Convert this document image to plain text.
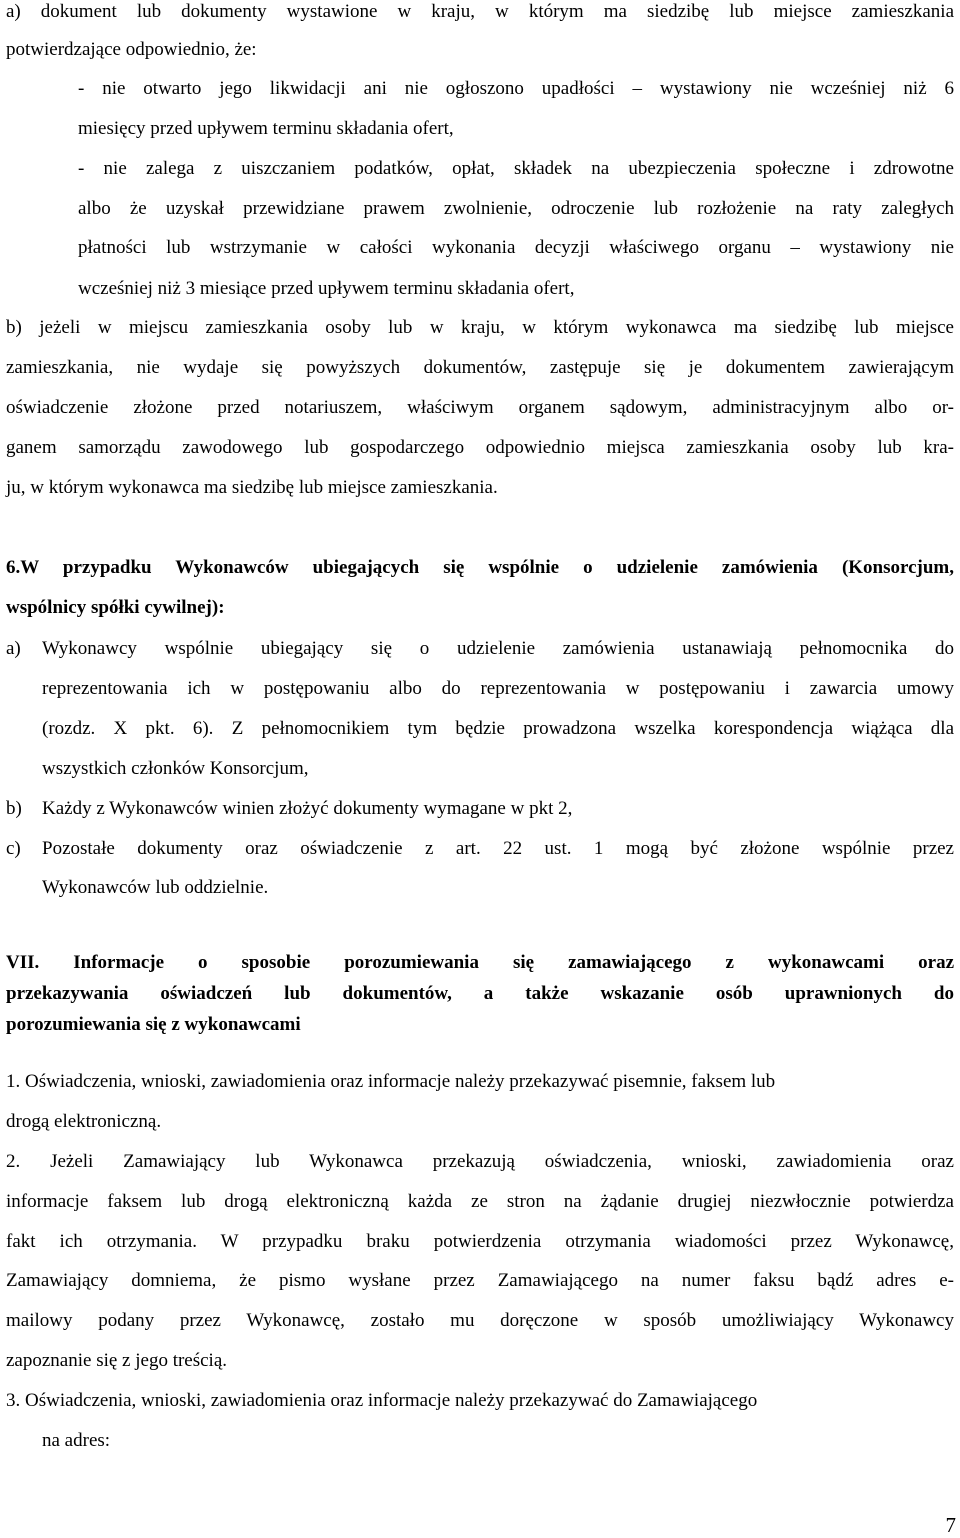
a) dokument lub dokumenty wystawione w kraju, w którym ma siedzibę lub miejsce zamieszkania
potwierdzające odpowiednio, że:
- nie otwarto jego likwidacji ani nie ogłoszono upadłości – wystawiony nie wcześniej niż 6
miesięcy przed upływem terminu składania ofert,
- nie zalega z uiszczaniem podatków, opłat, składek na ubezpieczenia społeczne i zdrowotne
albo że uzyskał przewidziane prawem zwolnienie, odroczenie lub rozłożenie na raty zaległych
płatności lub wstrzymanie w całości wykonania decyzji właściwego organu – wystawiony nie
wcześniej niż 3 miesiące przed upływem terminu składania ofert,
b) jeżeli w miejscu zamieszkania osoby lub w kraju, w którym wykonawca ma siedzibę lub miejsce
zamieszkania, nie wydaje się powyższych dokumentów, zastępuje się je dokumentem zawierającym
oświadczenie złożone przed notariuszem, właściwym organem sądowym, administracyjnym albo or-
ganem samorządu zawodowego lub gospodarczego odpowiednio miejsca zamieszkania osoby lub kra-
ju, w którym wykonawca ma siedzibę lub miejsce zamieszkania.
6.W przypadku Wykonawców ubiegających się wspólnie o udzielenie zamówienia (Konsorcjum,
wspólnicy spółki cywilnej):
a) Wykonawcy wspólnie ubiegający się o udzielenie zamówienia ustanawiają pełnomocnika do
reprezentowania ich w postępowaniu albo do reprezentowania w postępowaniu i zawarcia umowy
(rozdz. X pkt. 6). Z pełnomocnikiem tym będzie prowadzona wszelka korespondencja wiążąca dla
wszystkich członków Konsorcjum,
b) Każdy z Wykonawców winien złożyć dokumenty wymagane w pkt 2,
c) Pozostałe dokumenty oraz oświadczenie z art. 22 ust. 1 mogą być złożone wspólnie przez
Wykonawców lub oddzielnie.
VII. Informacje o sposobie porozumiewania się zamawiającego z wykonawcami oraz
przekazywania oświadczeń lub dokumentów, a także wskazanie osób uprawnionych do
porozumiewania się z wykonawcami
1. Oświadczenia, wnioski, zawiadomienia oraz informacje należy przekazywać pisemnie, faksem lub
drogą elektroniczną.
2. Jeżeli Zamawiający lub Wykonawca przekazują oświadczenia, wnioski, zawiadomienia oraz
informacje faksem lub drogą elektroniczną każda ze stron na żądanie drugiej niezwłocznie potwierdza
fakt ich otrzymania. W przypadku braku potwierdzenia otrzymania wiadomości przez Wykonawcę,
Zamawiający domniema, że pismo wysłane przez Zamawiającego na numer faksu bądź adres e-
mailowy podany przez Wykonawcę, zostało mu doręczone w sposób umożliwiający Wykonawcy
zapoznanie się z jego treścią.
3. Oświadczenia, wnioski, zawiadomienia oraz informacje należy przekazywać do Zamawiającego
na adres:
7
